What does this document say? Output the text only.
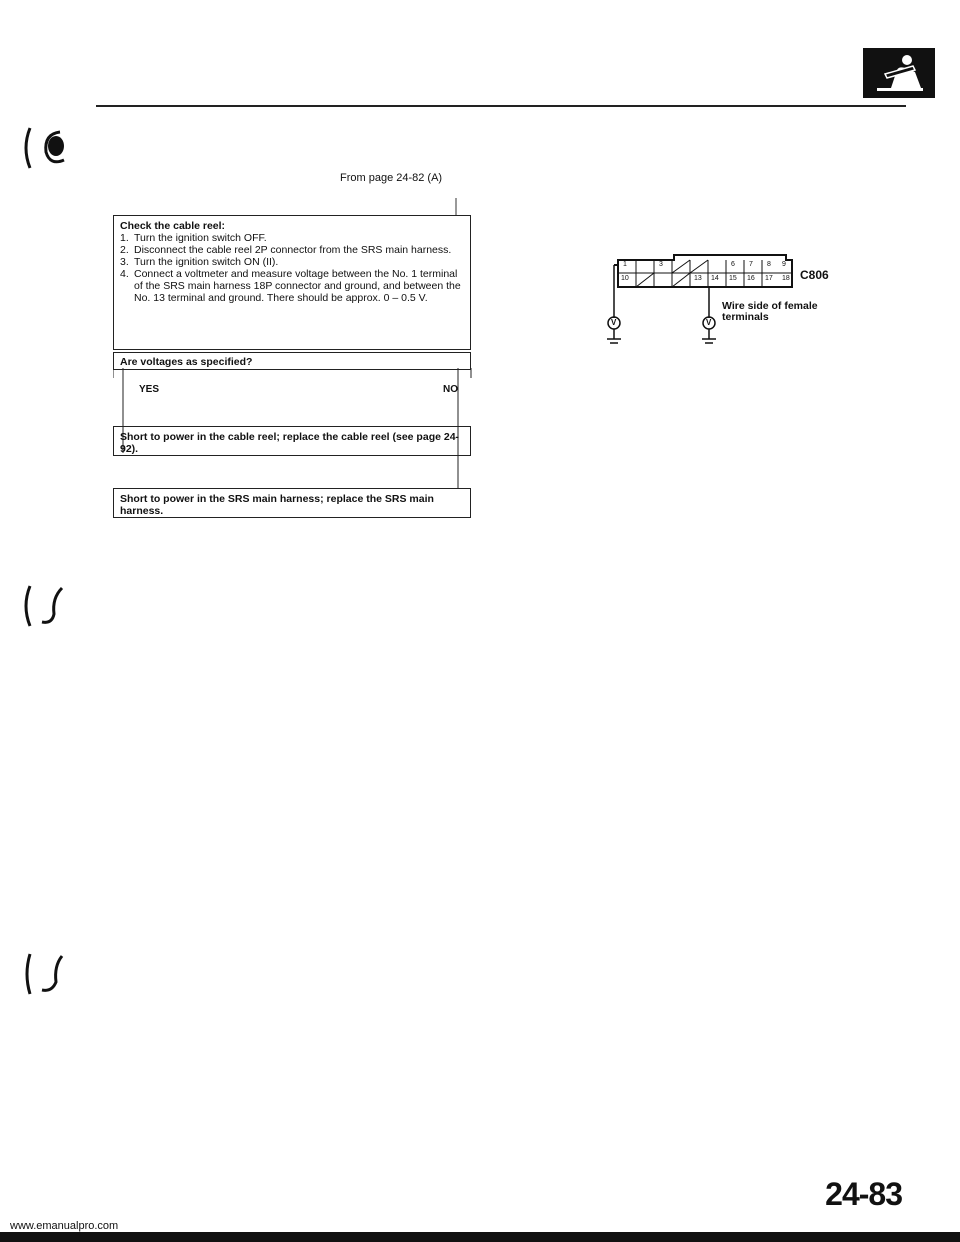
From page 24-82 (A)
Check the cable reel:
1. Turn the ignition switch OFF.
2. Disconnect the cable reel 2P connector from the SRS main harness.
3. Turn the ignition switch ON (II).
4. Connect a voltmeter and measure voltage between the No. 1 terminal of the SRS main harness 18P connector and ground, and between the No. 13 terminal and ground. There should be approx. 0 – 0.5 V.
Are voltages as specified?
YES	NO
Short to power in the cable reel; replace the cable reel (see page 24-92).
Short to power in the SRS main harness; replace the SRS main harness.
1	3	6 7 8 9
10	13 14 15 16 17 18
V	V
C806
Wire side of female terminals
24-83
www.emanualpro.com
